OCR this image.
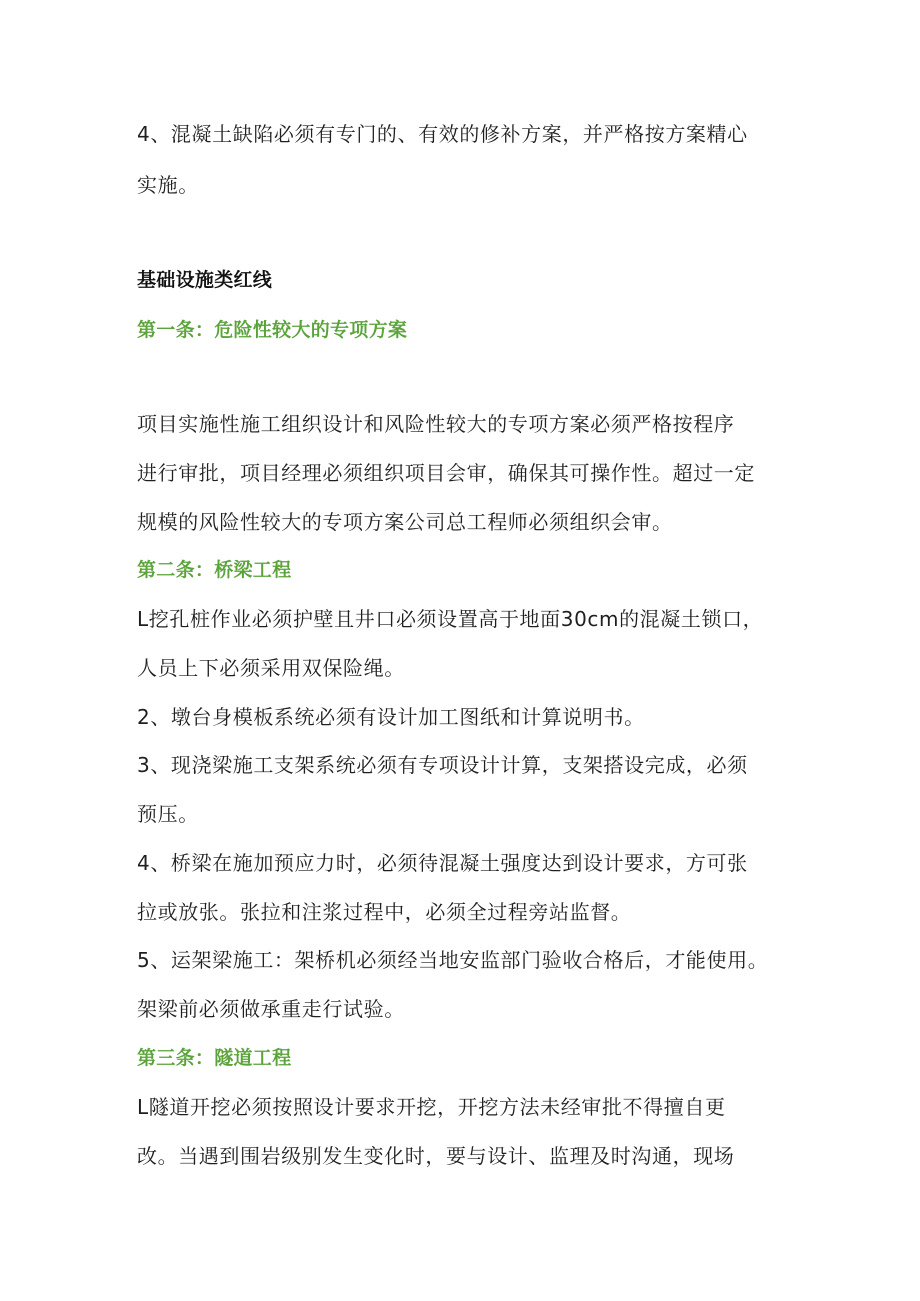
4、混凝土缺陷必须有专门的、有效的修补方案，并严格按方案精心
实施。
基础设施类红线
第一条：危险性较大的专项方案
项目实施性施工组织设计和风险性较大的专项方案必须严格按程序
进行审批，项目经理必须组织项目会审，确保其可操作性。超过一定
规模的风险性较大的专项方案公司总工程师必须组织会审。
第二条：桥梁工程
L挖孔桩作业必须护壁且井口必须设置高于地面30cm的混凝土锁口，
人员上下必须采用双保险绳。
2、墩台身模板系统必须有设计加工图纸和计算说明书。
3、现浇梁施工支架系统必须有专项设计计算，支架搭设完成，必须
预压。
4、桥梁在施加预应力时，必须待混凝土强度达到设计要求，方可张
拉或放张。张拉和注浆过程中，必须全过程旁站监督。
5、运架梁施工：架桥机必须经当地安监部门验收合格后，才能使用。
架梁前必须做承重走行试验。
第三条：隧道工程
L隧道开挖必须按照设计要求开挖，开挖方法未经审批不得擅自更
改。当遇到围岩级别发生变化时，要与设计、监理及时沟通，现场
